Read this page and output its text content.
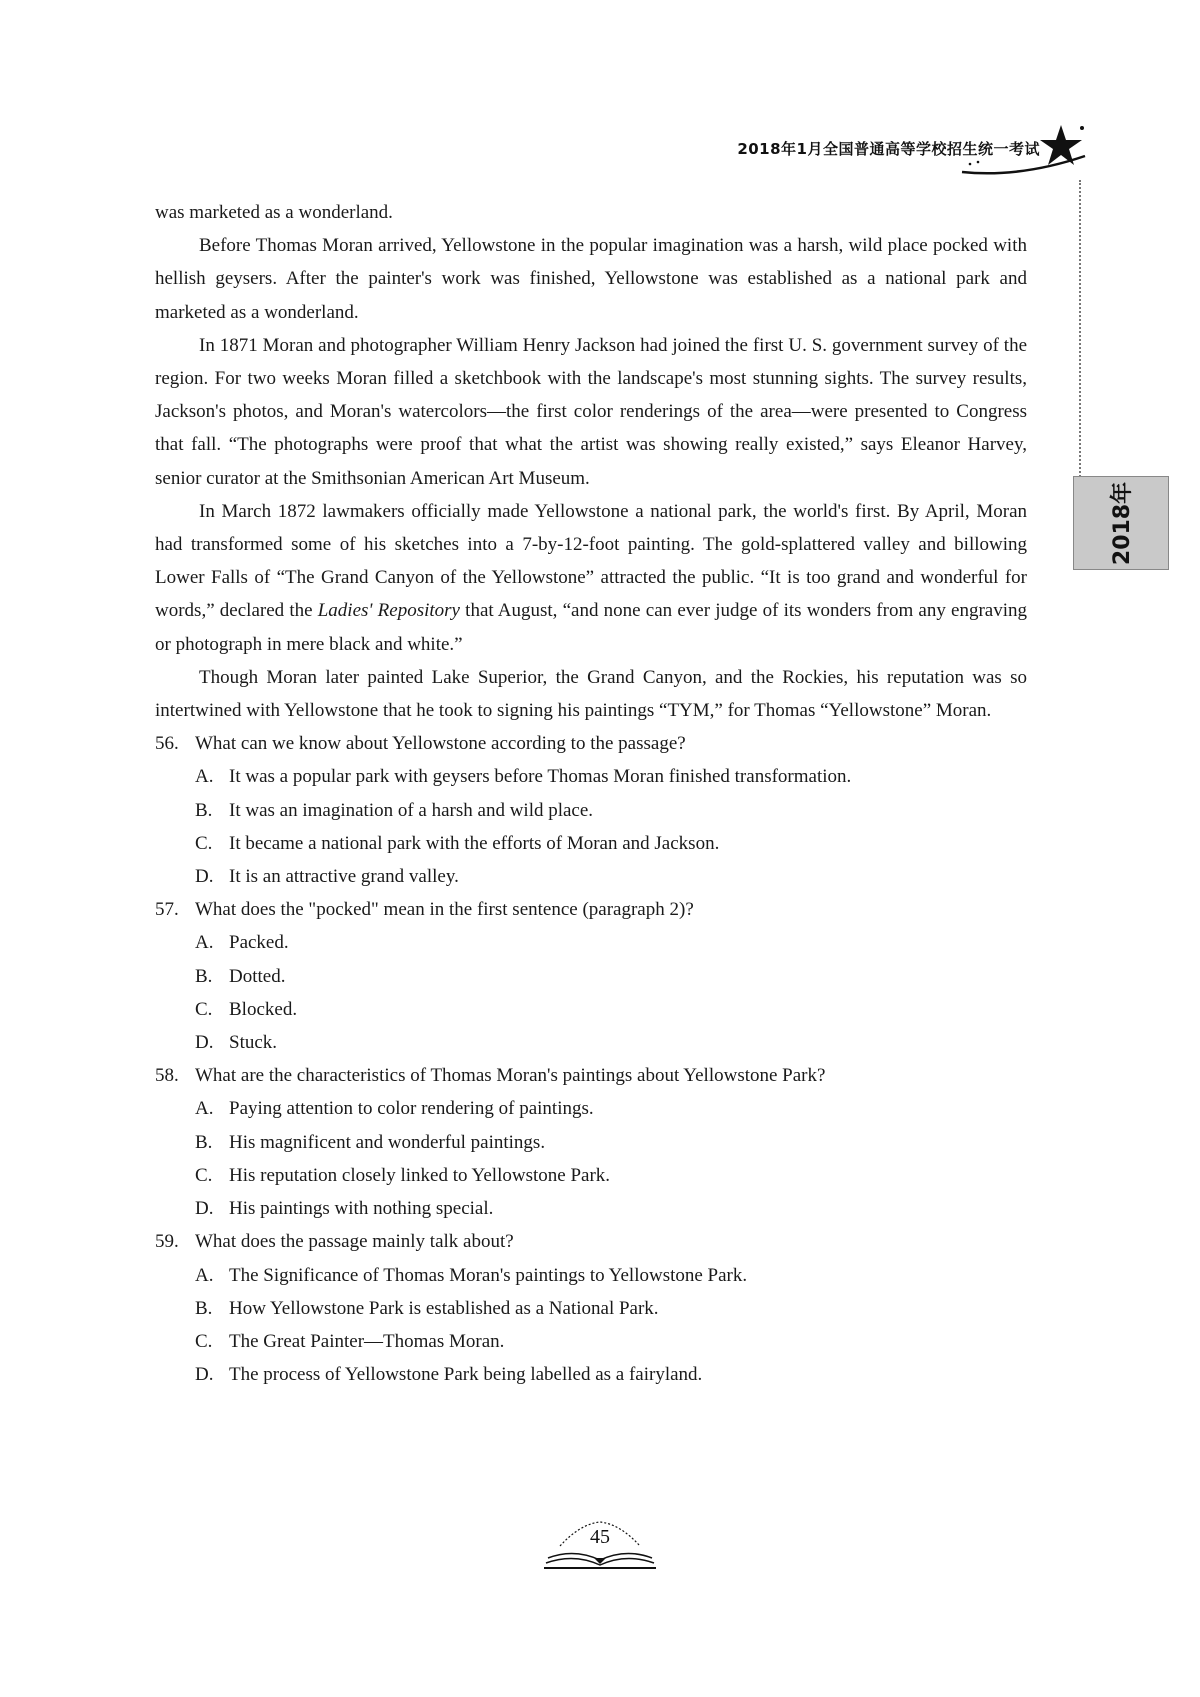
2018年1月全国普通高等学校招生统一考试
2018年

was marketed as a wonderland.

Before Thomas Moran arrived, Yellowstone in the popular imagination was a harsh, wild place pocked with hellish geysers. After the painter's work was finished, Yellowstone was established as a national park and marketed as a wonderland.

In 1871 Moran and photographer William Henry Jackson had joined the first U. S. government survey of the region. For two weeks Moran filled a sketchbook with the landscape's most stunning sights. The survey results, Jackson's photos, and Moran's watercolors—the first color renderings of the area—were presented to Congress that fall. “The photographs were proof that what the artist was showing really existed,” says Eleanor Harvey, senior curator at the Smithsonian American Art Museum.

In March 1872 lawmakers officially made Yellowstone a national park, the world's first. By April, Moran had transformed some of his sketches into a 7-by-12-foot painting. The gold-splattered valley and billowing Lower Falls of “The Grand Canyon of the Yellowstone” attracted the public. “It is too grand and wonderful for words,” declared the Ladies' Repository that August, “and none can ever judge of its wonders from any engraving or photograph in mere black and white.”

Though Moran later painted Lake Superior, the Grand Canyon, and the Rockies, his reputation was so intertwined with Yellowstone that he took to signing his paintings “TYM,” for Thomas “Yellowstone” Moran.

56. What can we know about Yellowstone according to the passage?

A. It was a popular park with geysers before Thomas Moran finished transformation.

B. It was an imagination of a harsh and wild place.

C. It became a national park with the efforts of Moran and Jackson.

D. It is an attractive grand valley.

57. What does the "pocked" mean in the first sentence (paragraph 2)?

A. Packed.

B. Dotted.

C. Blocked.

D. Stuck.

58. What are the characteristics of Thomas Moran's paintings about Yellowstone Park?

A. Paying attention to color rendering of paintings.

B. His magnificent and wonderful paintings.

C. His reputation closely linked to Yellowstone Park.

D. His paintings with nothing special.

59. What does the passage mainly talk about?

A. The Significance of Thomas Moran's paintings to Yellowstone Park.

B. How Yellowstone Park is established as a National Park.

C. The Great Painter—Thomas Moran.

D. The process of Yellowstone Park being labelled as a fairyland.

45
